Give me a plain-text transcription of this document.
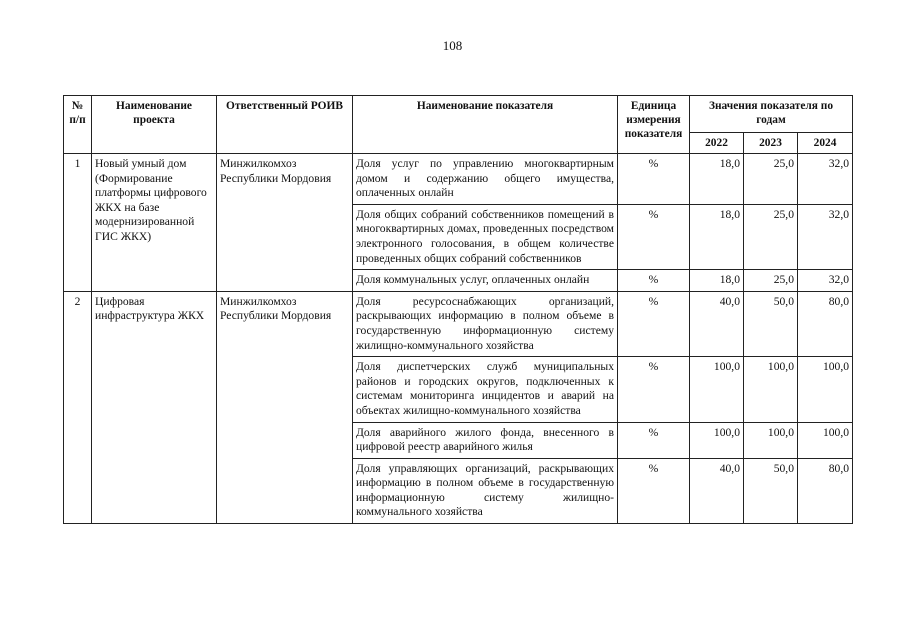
108
№ п/п	Наименование проекта	Ответственный РОИВ	Наименование показателя	Единица измерения показателя	Значения показателя по годам		
					2022	2023	2024
1	Новый умный дом (Формирование платформы цифрового ЖКХ на базе модернизированной ГИС ЖКХ)	Минжилкомхоз Республики Мордовия	Доля услуг по управлению многоквартирным домом и содержанию общего имущества, оплаченных онлайн	%	18,0	25,0	32,0
			Доля общих собраний собственников помещений в многоквартирных домах, проведенных посредством электронного голосования, в общем количестве проведенных общих собраний собственников	%	18,0	25,0	32,0
			Доля коммунальных услуг, оплаченных онлайн	%	18,0	25,0	32,0
2	Цифровая инфраструктура ЖКХ	Минжилкомхоз Республики Мордовия	Доля ресурсоснабжающих организаций, раскрывающих информацию в полном объеме в государственную информационную систему жилищно-коммунального хозяйства	%	40,0	50,0	80,0
			Доля диспетчерских служб муниципальных районов и городских округов, подключенных к системам мониторинга инцидентов и аварий на объектах жилищно-коммунального хозяйства	%	100,0	100,0	100,0
			Доля аварийного жилого фонда, внесенного в цифровой реестр аварийного жилья	%	100,0	100,0	100,0
			Доля управляющих организаций, раскрывающих информацию в полном объеме в государственную информационную систему жилищно-коммунального хозяйства	%	40,0	50,0	80,0
